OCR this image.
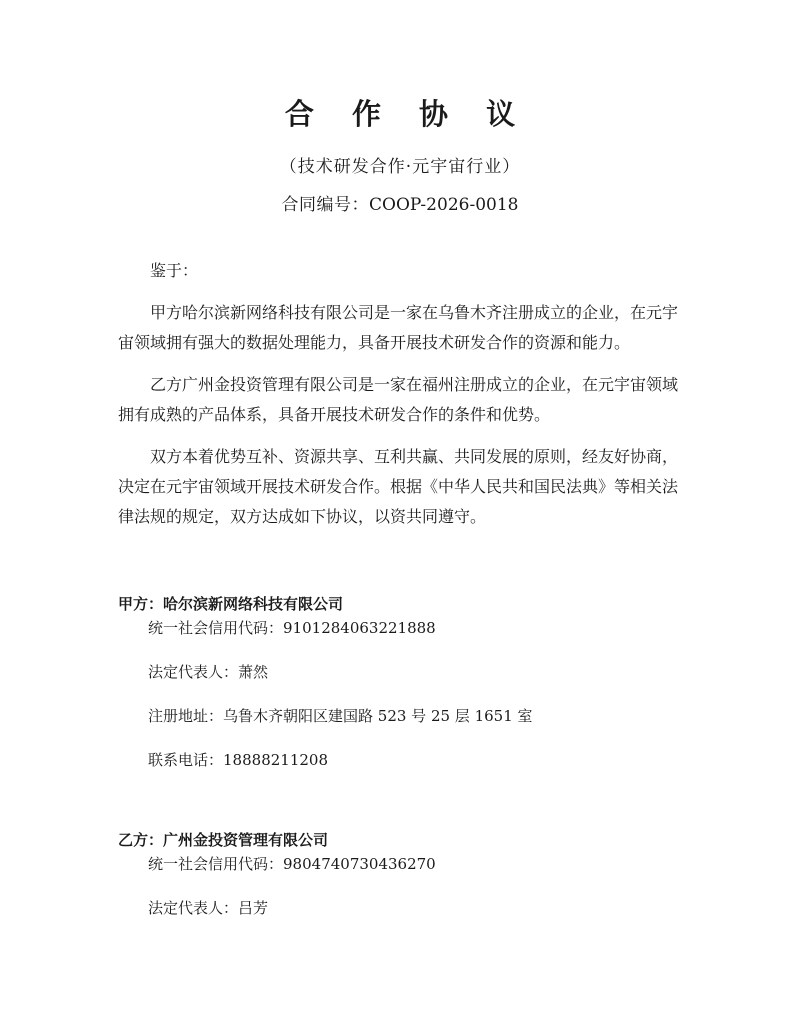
合 作 协 议
（技术研发合作·元宇宙行业）
合同编号：COOP-2026-0018

鉴于：

甲方哈尔滨新网络科技有限公司是一家在乌鲁木齐注册成立的企业，在元宇宙领域拥有强大的数据处理能力，具备开展技术研发合作的资源和能力。

乙方广州金投资管理有限公司是一家在福州注册成立的企业，在元宇宙领域拥有成熟的产品体系，具备开展技术研发合作的条件和优势。

双方本着优势互补、资源共享、互利共赢、共同发展的原则，经友好协商，决定在元宇宙领域开展技术研发合作。根据《中华人民共和国民法典》等相关法律法规的规定，双方达成如下协议，以资共同遵守。

甲方：哈尔滨新网络科技有限公司
统一社会信用代码：9101284063221888
法定代表人：萧然
注册地址：乌鲁木齐朝阳区建国路 523 号 25 层 1651 室
联系电话：18888211208
乙方：广州金投资管理有限公司
统一社会信用代码：9804740730436270
法定代表人：吕芳
